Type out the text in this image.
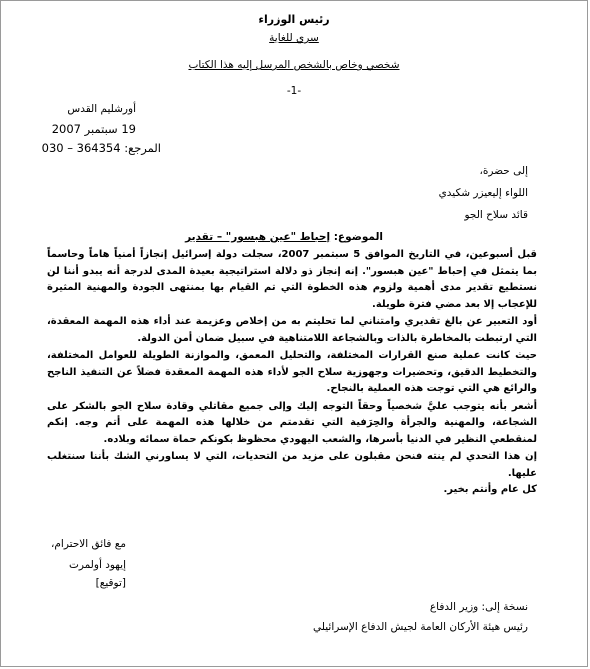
رئيس الوزراء
سري للغاية
شخصي وخاص بالشخص المرسل إليه هذا الكتاب
-1-
أورشليم القدس
19 سبتمبر 2007
المرجع: 030 – 364354
إلى حضرة،
اللواء إليعيزر شكيدي
قائد سلاح الجو
الموضوع: إحباط "عين هبسور" – تقدير

قبل أسبوعين، في التاريخ الموافق 5 سبتمبر 2007، سجلت دولة إسرائيل إنجازاً أمنياً هاماً وحاسماً بما يتمثل في إحباط "عين هبسور". إنه إنجاز ذو دلالة استراتيجية بعيدة المدى لدرجة أنه يبدو أننا لن نستطيع تقدير مدى أهمية ولزوم هذه الخطوة التي تم القيام بها بمنتهى الجودة والمهنية المثيرة للإعجاب إلا بعد مضي فترة طويلة.

أود التعبير عن بالغ تقديري وامتناني لما تحليتم به من إخلاص وعزيمة عند أداء هذه المهمة المعقدة، التي ارتبطت بالمخاطرة بالذات وبالشجاعة اللامتناهية في سبيل ضمان أمن الدولة.

حيث كانت عملية صنع القرارات المختلفة، والتحليل المعمق، والموازنة الطويلة للعوامل المختلفة، والتخطيط الدقيق، وتحضيرات وجهوزية سلاح الجو لأداء هذه المهمة المعقدة فضلاً عن التنفيذ الناجح والرائع هي التي توجت هذه العملية بالنجاح.

أشعر بأنه يتوجب عليَّ شخصياً وحقاً التوجه إليك وإلى جميع مقاتلي وقادة سلاح الجو بالشكر على الشجاعة، والمهنية والجرأة والحِرَفية التي تقدمتم من خلالها هذه المهمة على أتم وجه. إنكم لمنقطعي النظير في الدنيا بأسرها، والشعب اليهودي محظوظ بكونكم حماة سمائه وبلاده.

إن هذا التحدي لم ينته فنحن مقبلون على مزيد من التحديات، التي لا يساورني الشك بأننا سنتغلب عليها.

كل عام وأنتم بخير.

مع فائق الاحترام،
إيهود أولمرت
[توقيع]
نسخة إلى: وزير الدفاع
رئيس هيئة الأركان العامة لجيش الدفاع الإسرائيلي
